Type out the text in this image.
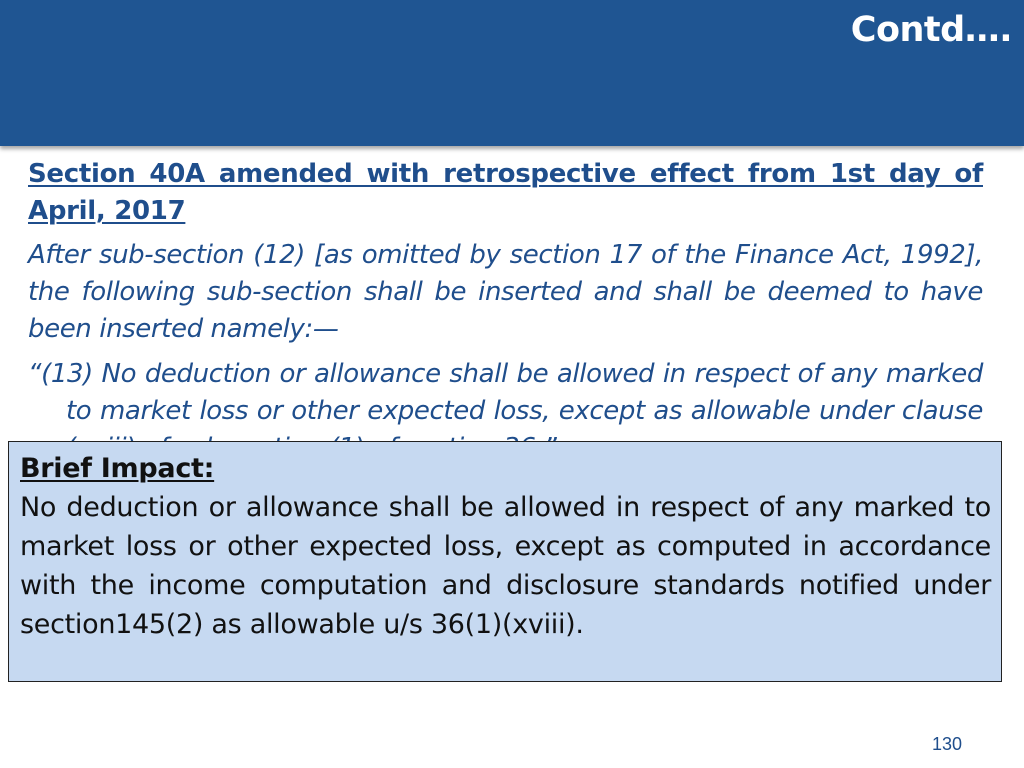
Contd….

Section 40A amended with retrospective effect from 1st day of April, 2017

After sub-section (12) [as omitted by section 17 of the Finance Act, 1992], the following sub-section shall be inserted and shall be deemed to have been inserted namely:—

“(13) No deduction or allowance shall be allowed in respect of any marked to market loss or other expected loss, except as allowable under clause

Brief Impact:

No deduction or allowance shall be allowed in respect of any marked to market loss or other expected loss, except as computed in accordance with the income computation and disclosure standards notified under section145(2) as allowable u/s 36(1)(xviii).

130
